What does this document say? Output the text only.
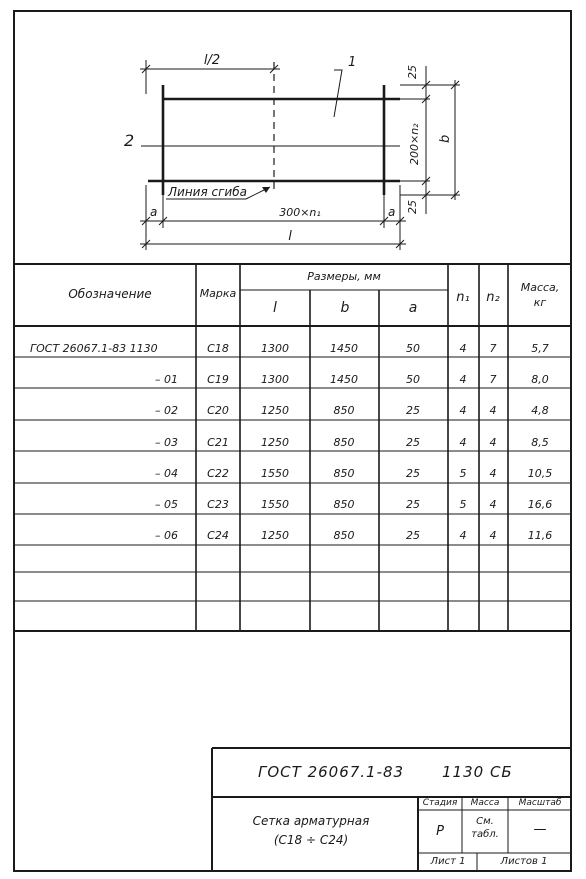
l/2	1
2
25
200×n₂ b
25
Линия сгиба
a	300×n₁	a
l
Обозначение	Марка
Размеры, мм
l	b	a
n₁ n₂
Масса,
кг
ГОСТ 26067.1-83 1130	С18	1300	1450	50	4 7	5,7
– 01	С19	1300	1450	50	4 7	8,0
– 02	С20	1250	850	25	4 4	4,8
– 03	С21	1250	850	25	4 4	8,5
– 04	С22	1550	850	25	5 4	10,5
– 05	С23	1550	850	25	5 4	16,6
– 06	С24	1250	850	25	4 4	11,6
ГОСТ 26067.1-83	1130 СБ
Сетка арматурная
(С18 ÷ С24)
Стадия Масса Масштаб
Р
См.
табл.	—
Лист 1	Листов 1
